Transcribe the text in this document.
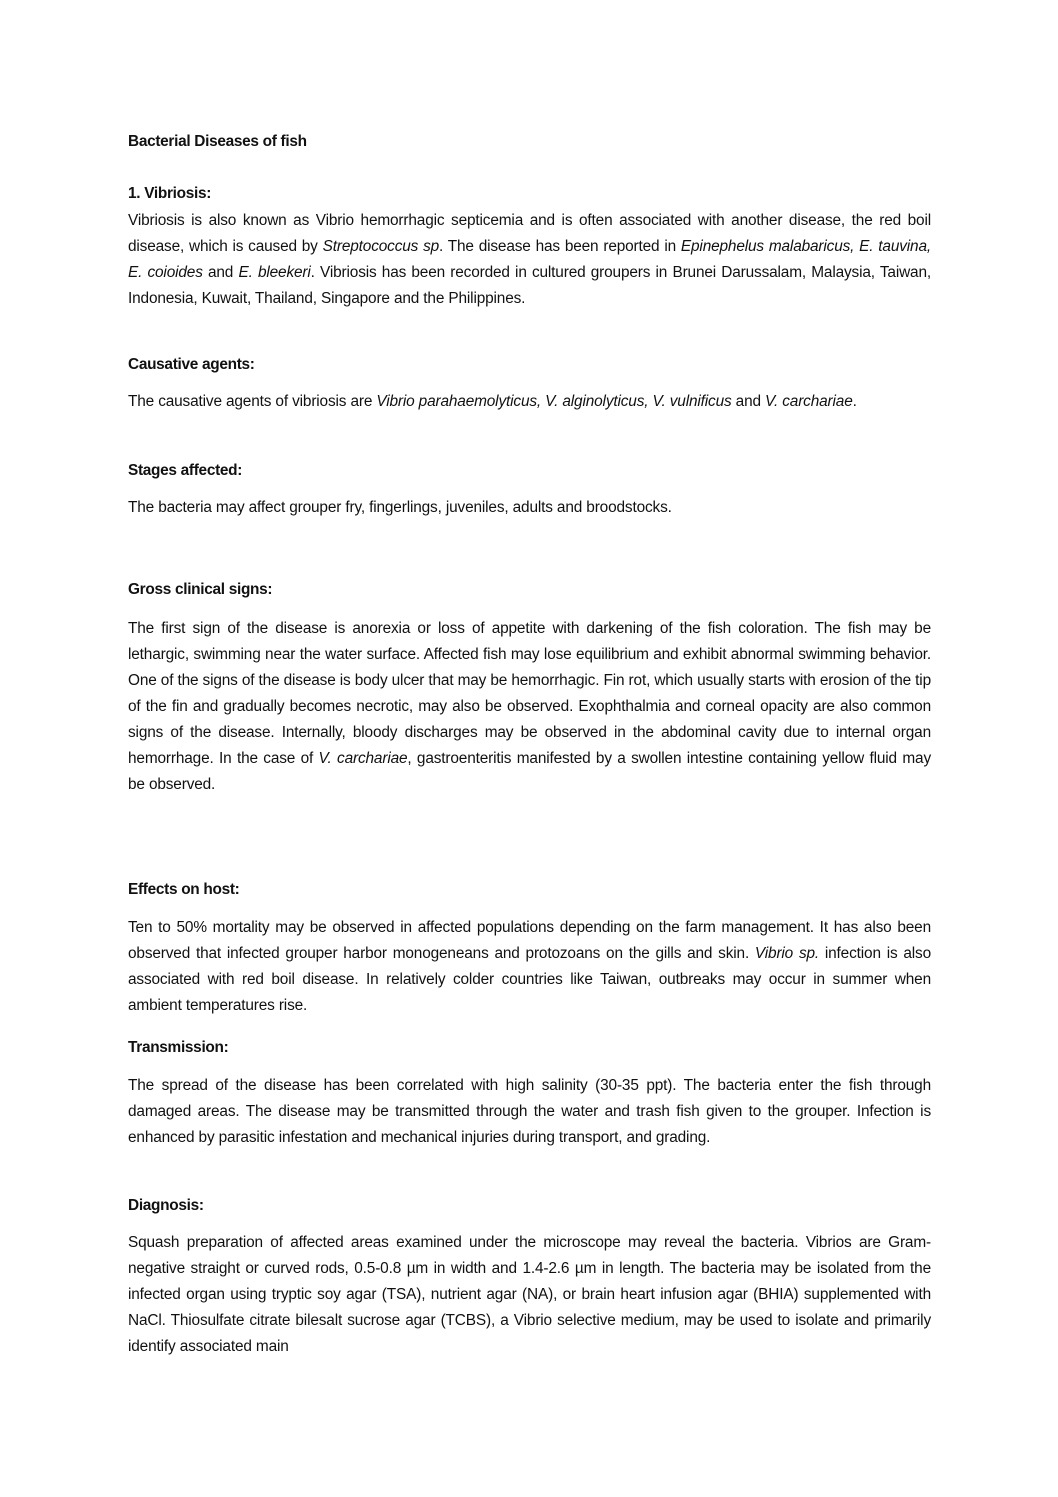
Bacterial Diseases of fish
1. Vibriosis:
Vibriosis is also known as Vibrio hemorrhagic septicemia and is often associated with another disease, the red boil disease, which is caused by Streptococcus sp. The disease has been reported in Epinephelus malabaricus, E. tauvina, E. coioides and E. bleekeri. Vibriosis has been recorded in cultured groupers in Brunei Darussalam, Malaysia, Taiwan, Indonesia, Kuwait, Thailand, Singapore and the Philippines.
Causative agents:
The causative agents of vibriosis are Vibrio parahaemolyticus, V. alginolyticus, V. vulnificus and V. carchariae.
Stages affected:
The bacteria may affect grouper fry, fingerlings, juveniles, adults and broodstocks.
Gross clinical signs:
The first sign of the disease is anorexia or loss of appetite with darkening of the fish coloration. The fish may be lethargic, swimming near the water surface. Affected fish may lose equilibrium and exhibit abnormal swimming behavior. One of the signs of the disease is body ulcer that may be hemorrhagic. Fin rot, which usually starts with erosion of the tip of the fin and gradually becomes necrotic, may also be observed. Exophthalmia and corneal opacity are also common signs of the disease. Internally, bloody discharges may be observed in the abdominal cavity due to internal organ hemorrhage. In the case of V. carchariae, gastroenteritis manifested by a swollen intestine containing yellow fluid may be observed.
Effects on host:
Ten to 50% mortality may be observed in affected populations depending on the farm management. It has also been observed that infected grouper harbor monogeneans and protozoans on the gills and skin. Vibrio sp. infection is also associated with red boil disease. In relatively colder countries like Taiwan, outbreaks may occur in summer when ambient temperatures rise.
Transmission:
The spread of the disease has been correlated with high salinity (30-35 ppt). The bacteria enter the fish through damaged areas. The disease may be transmitted through the water and trash fish given to the grouper. Infection is enhanced by parasitic infestation and mechanical injuries during transport, and grading.
Diagnosis:
Squash preparation of affected areas examined under the microscope may reveal the bacteria. Vibrios are Gram-negative straight or curved rods, 0.5-0.8 µm in width and 1.4-2.6 µm in length. The bacteria may be isolated from the infected organ using tryptic soy agar (TSA), nutrient agar (NA), or brain heart infusion agar (BHIA) supplemented with NaCl. Thiosulfate citrate bilesalt sucrose agar (TCBS), a Vibrio selective medium, may be used to isolate and primarily identify associated main
